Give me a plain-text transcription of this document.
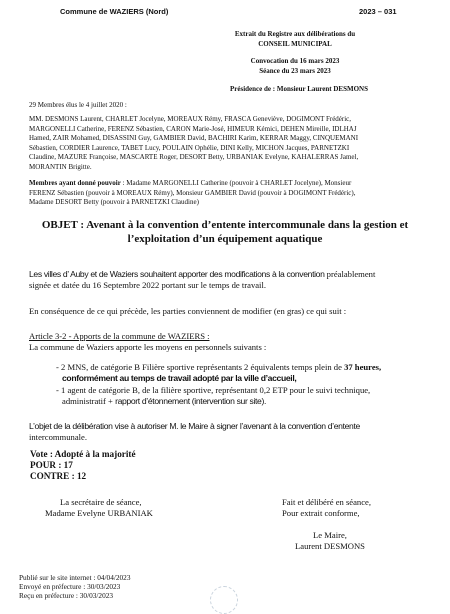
Commune de WAZIERS (Nord)	2023 – 031
Extrait du Registre aux délibérations du
CONSEIL MUNICIPAL
Convocation du 16 mars 2023
Séance du 23 mars 2023
Présidence de : Monsieur Laurent DESMONS
29 Membres élus le 4 juillet 2020 :
MM. DESMONS Laurent, CHARLET Jocelyne, MOREAUX Rémy, FRASCA Geneviève, DOGIMONT Frédéric,
MARGONELLI Catherine, FERENZ Sébastien, CARON Marie-José, HIMEUR Kémici, DEHEN Mireille, IDLHAJ
Hamed, ZAIR Mohamed, DISASSINI Guy, GAMBIER David, BACHIRI Karim, KERRAR Maggy, CINQUEMANI
Sébastien, CORDIER Laurence, TABET Lucy, POULAIN Ophélie, DINI Kelly, MICHON Jacques, PARNETZKI
Claudine, MAZURE Françoise, MASCARTE Roger, DESORT Betty, URBANIAK Evelyne, KAHALERRAS Jamel,
MORANTIN Brigitte.
Membres ayant donné pouvoir : Madame MARGONELLI Catherine (pouvoir à CHARLET Jocelyne), Monsieur
FERENZ Sébastien (pouvoir à MOREAUX Rémy), Monsieur GAMBIER David (pouvoir à DOGIMONT Frédéric),
Madame DESORT Betty (pouvoir à PARNETZKI Claudine)
OBJET : Avenant à la convention d’entente intercommunale dans la gestion et
l’exploitation d’un équipement aquatique
Les villes d’ Auby et de Waziers souhaitent apporter des modifications à la convention préalablement
signée et datée du 16 Septembre 2022 portant sur le temps de travail.
En conséquence de ce qui précède, les parties conviennent de modifier (en gras) ce qui suit :
Article 3-2 - Apports de la commune de WAZIERS :
La commune de Waziers apporte les moyens en personnels suivants :
- 2 MNS, de catégorie B Filière sportive représentants 2 équivalents temps plein de 37 heures,
conformément au temps de travail adopté par la ville d’accueil,
- 1 agent de catégorie B, de la filière sportive, représentant 0,2 ETP pour le suivi technique,
administratif + rapport d’étonnement (intervention sur site).
L’objet de la délibération vise à autoriser M. le Maire à signer l’avenant à la convention d’entente
intercommunale.
Vote : Adopté à la majorité
POUR : 17
CONTRE : 12
La secrétaire de séance,
Madame Evelyne URBANIAK
Fait et délibéré en séance,
Pour extrait conforme,
Le Maire,
Laurent DESMONS
Publié sur le site internet : 04/04/2023
Envoyé en préfecture : 30/03/2023
Reçu en préfecture : 30/03/2023
